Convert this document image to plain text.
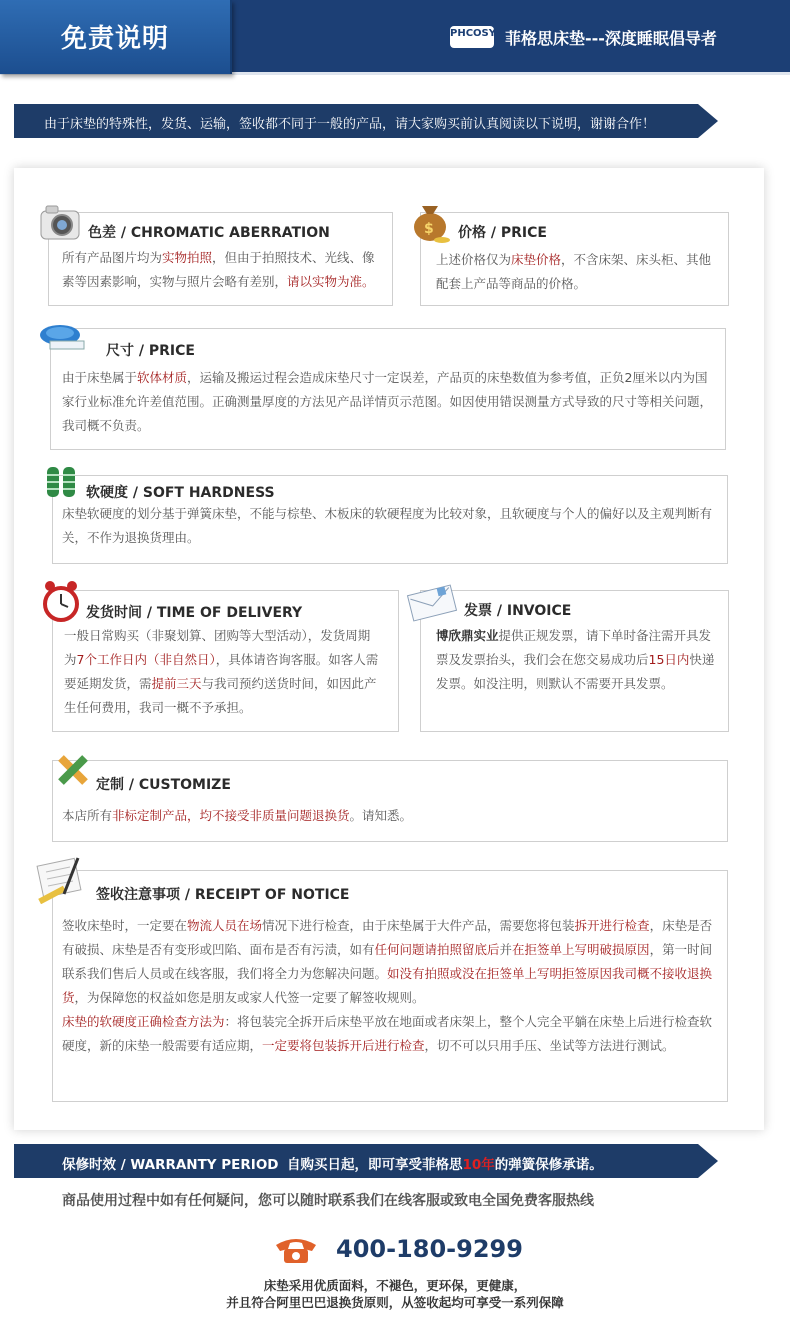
免责说明	PHCOSY 菲格思床垫---深度睡眠倡导者
由于床垫的特殊性，发货、运输，签收都不同于一般的产品，请大家购买前认真阅读以下说明，谢谢合作！
色差 / CHROMATIC ABERRATION
所有产品图片均为实物拍照，但由于拍照技术、光线、像素等因素影响，实物与照片会略有差别，请以实物为准。
$ 价格 / PRICE
上述价格仅为床垫价格，不含床架、床头柜、其他配套上产品等商品的价格。
尺寸 / PRICE
由于床垫属于软体材质，运输及搬运过程会造成床垫尺寸一定误差，产品页的床垫数值为参考值，正负2厘米以内为国家行业标准允许差值范围。正确测量厚度的方法见产品详情页示范图。如因使用错误测量方式导致的尺寸等相关问题，我司概不负责。
软硬度 / SOFT HARDNESS
床垫软硬度的划分基于弹簧床垫，不能与棕垫、木板床的软硬程度为比较对象，且软硬度与个人的偏好以及主观判断有关，不作为退换货理由。
发货时间 / TIME OF DELIVERY
一般日常购买（非聚划算、团购等大型活动），发货周期为7个工作日内（非自然日），具体请咨询客服。如客人需要延期发货，需提前三天与我司预约送货时间，如因此产生任何费用，我司一概不予承担。
发票 / INVOICE
博欣鼎实业提供正规发票，请下单时备注需开具发票及发票抬头，我们会在您交易成功后15日内快递发票。如没注明，则默认不需要开具发票。
定制 / CUSTOMIZE
本店所有非标定制产品，均不接受非质量问题退换货。请知悉。
签收注意事项 / RECEIPT OF NOTICE
签收床垫时，一定要在物流人员在场情况下进行检查，由于床垫属于大件产品，需要您将包装拆开进行检查，床垫是否有破损、床垫是否有变形或凹陷、面布是否有污渍，如有任何问题请拍照留底后并在拒签单上写明破损原因，第一时间联系我们售后人员或在线客服，我们将全力为您解决问题。如没有拍照或没在拒签单上写明拒签原因我司概不接收退换货，为保障您的权益如您是朋友或家人代签一定要了解签收规则。
床垫的软硬度正确检查方法为：将包装完全拆开后床垫平放在地面或者床架上，整个人完全平躺在床垫上后进行检查软硬度，新的床垫一般需要有适应期，一定要将包装拆开后进行检查，切不可以只用手压、坐试等方法进行测试。
保修时效 / WARRANTY PERIOD 自购买日起，即可享受菲格思10年的弹簧保修承诺。
商品使用过程中如有任何疑问，您可以随时联系我们在线客服或致电全国免费客服热线
400-180-9299
床垫采用优质面料，不褪色，更环保，更健康，
并且符合阿里巴巴退换货原则，从签收起均可享受一系列保障
